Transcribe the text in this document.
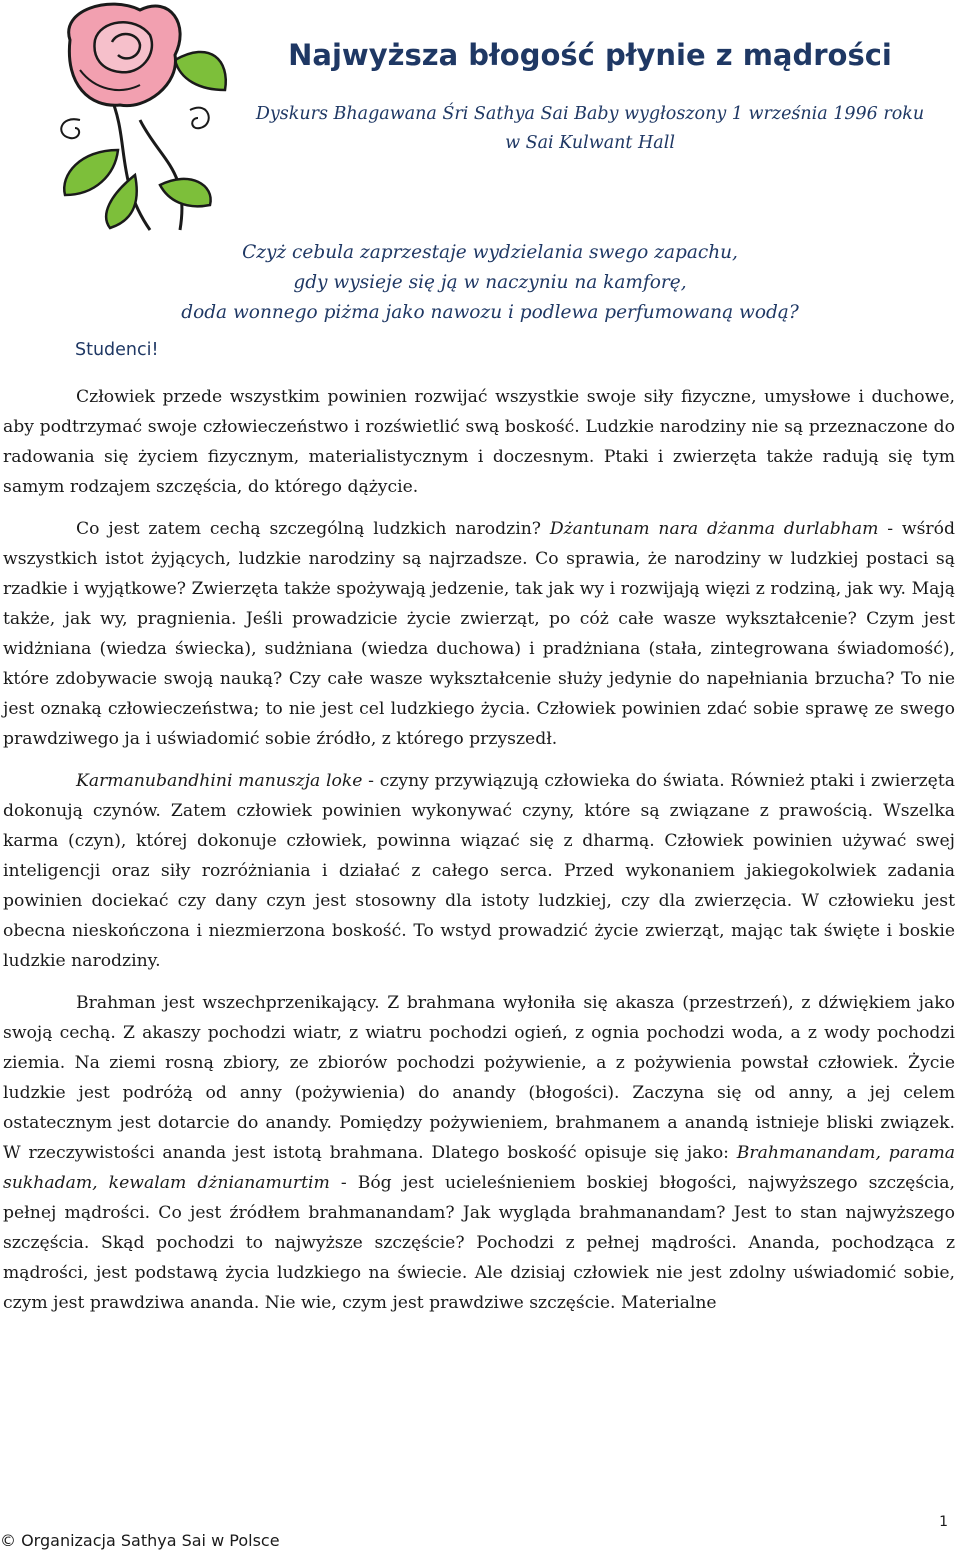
Najwyższa błogość płynie z mądrości
Dyskurs Bhagawana Śri Sathya Sai Baby wygłoszony 1 września 1996 roku
w Sai Kulwant Hall
Czyż cebula zaprzestaje wydzielania swego zapachu,
gdy wysieje się ją w naczyniu na kamforę,
doda wonnego piżma jako nawozu i podlewa perfumowaną wodą?
Studenci!

Człowiek przede wszystkim powinien rozwijać wszystkie swoje siły fizyczne, umysłowe i duchowe, aby podtrzymać swoje człowieczeństwo i rozświetlić swą boskość. Ludzkie narodziny nie są przeznaczone do radowania się życiem fizycznym, materialistycznym i doczesnym. Ptaki i zwierzęta także radują się tym samym rodzajem szczęścia, do którego dążycie.

Co jest zatem cechą szczególną ludzkich narodzin? Dżantunam nara dżanma durlabham - wśród wszystkich istot żyjących, ludzkie narodziny są najrzadsze. Co sprawia, że narodziny w ludzkiej postaci są rzadkie i wyjątkowe? Zwierzęta także spożywają jedzenie, tak jak wy i rozwijają więzi z rodziną, jak wy. Mają także, jak wy, pragnienia. Jeśli prowadzicie życie zwierząt, po cóż całe wasze wykształcenie? Czym jest widżniana (wiedza świecka), sudżniana (wiedza duchowa) i pradżniana (stała, zintegrowana świadomość), które zdobywacie swoją nauką? Czy całe wasze wykształcenie służy jedynie do napełniania brzucha? To nie jest oznaką człowieczeństwa; to nie jest cel ludzkiego życia. Człowiek powinien zdać sobie sprawę ze swego prawdziwego ja i uświadomić sobie źródło, z którego przyszedł.

Karmanubandhini manuszja loke - czyny przywiązują człowieka do świata. Również ptaki i zwierzęta dokonują czynów. Zatem człowiek powinien wykonywać czyny, które są związane z prawością. Wszelka karma (czyn), której dokonuje człowiek, powinna wiązać się z dharmą. Człowiek powinien używać swej inteligencji oraz siły rozróżniania i działać z całego serca. Przed wykonaniem jakiegokolwiek zadania powinien dociekać czy dany czyn jest stosowny dla istoty ludzkiej, czy dla zwierzęcia. W człowieku jest obecna nieskończona i niezmierzona boskość. To wstyd prowadzić życie zwierząt, mając tak święte i boskie ludzkie narodziny.

Brahman jest wszechprzenikający. Z brahmana wyłoniła się akasza (przestrzeń), z dźwiękiem jako swoją cechą. Z akaszy pochodzi wiatr, z wiatru pochodzi ogień, z ognia pochodzi woda, a z wody pochodzi ziemia. Na ziemi rosną zbiory, ze zbiorów pochodzi pożywienie, a z pożywienia powstał człowiek. Życie ludzkie jest podróżą od anny (pożywienia) do anandy (błogości). Zaczyna się od anny, a jej celem ostatecznym jest dotarcie do anandy. Pomiędzy pożywieniem, brahmanem a anandą istnieje bliski związek. W rzeczywistości ananda jest istotą brahmana. Dlatego boskość opisuje się jako: Brahmanandam, parama sukhadam, kewalam dżnianamurtim - Bóg jest ucieleśnieniem boskiej błogości, najwyższego szczęścia, pełnej mądrości. Co jest źródłem brahmanandam? Jak wygląda brahmanandam? Jest to stan najwyższego szczęścia. Skąd pochodzi to najwyższe szczęście? Pochodzi z pełnej mądrości. Ananda, pochodząca z mądrości, jest podstawą życia ludzkiego na świecie. Ale dzisiaj człowiek nie jest zdolny uświadomić sobie, czym jest prawdziwa ananda. Nie wie, czym jest prawdziwe szczęście. Materialne

© Organizacja Sathya Sai w Polsce
1
